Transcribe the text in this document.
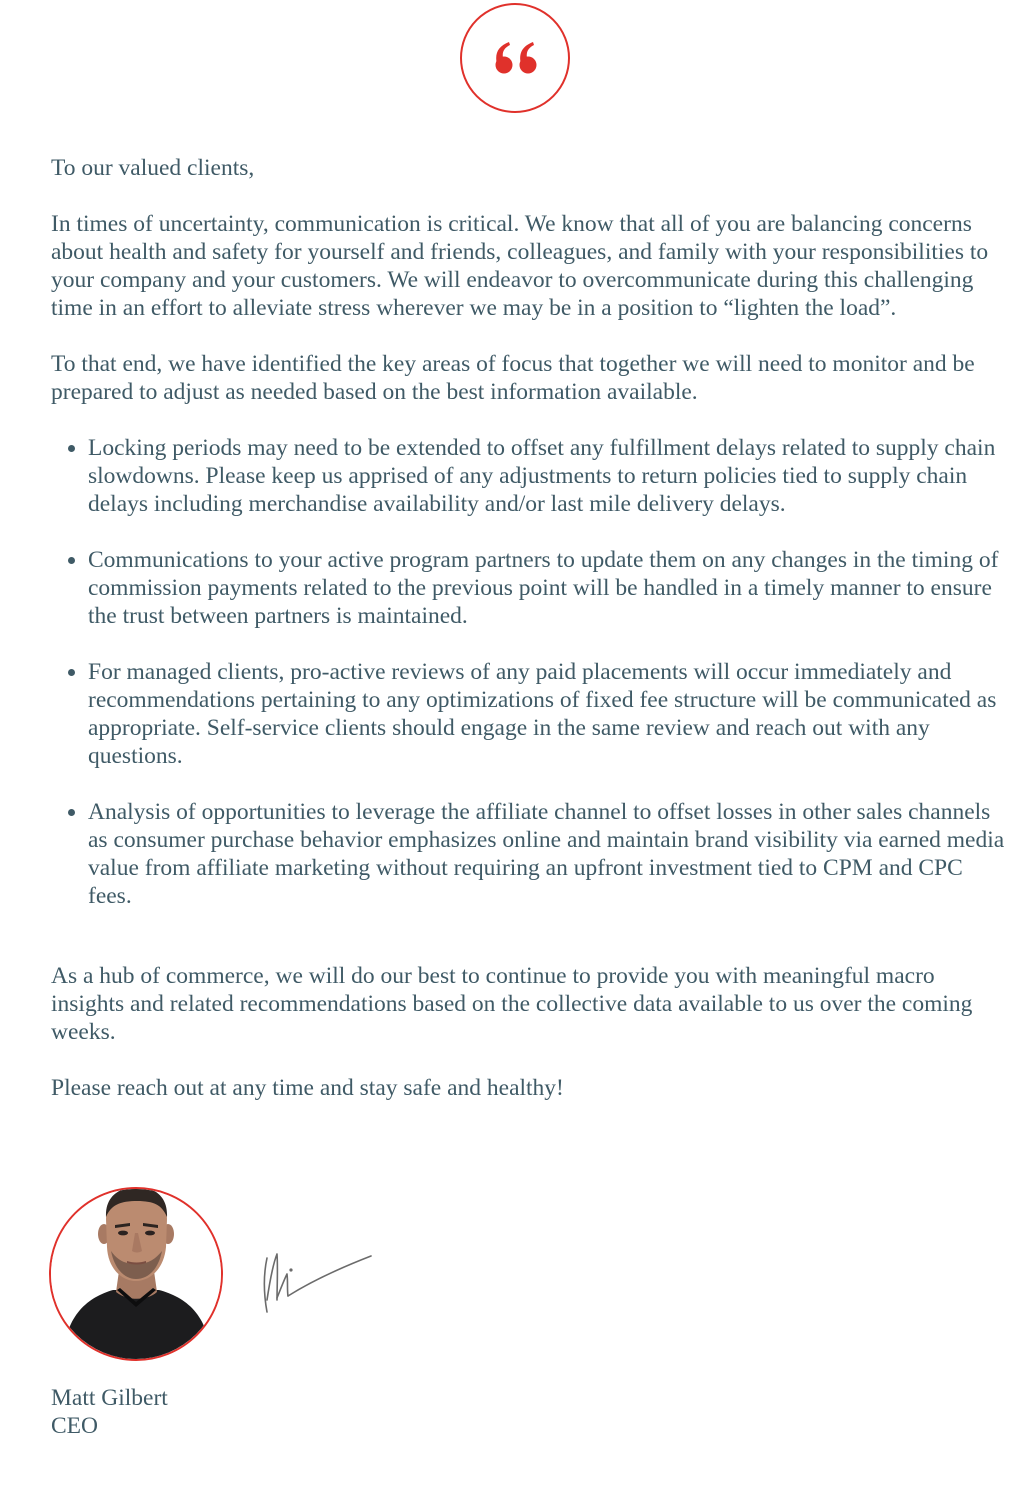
To our valued clients,

In times of uncertainty, communication is critical. We know that all of you are balancing concerns about health and safety for yourself and friends, colleagues, and family with your responsibilities to your company and your customers. We will endeavor to overcommunicate during this challenging time in an effort to alleviate stress wherever we may be in a position to “lighten the load”.

To that end, we have identified the key areas of focus that together we will need to monitor and be prepared to adjust as needed based on the best information available.

• Locking periods may need to be extended to offset any fulfillment delays related to supply chain slowdowns. Please keep us apprised of any adjustments to return policies tied to supply chain delays including merchandise availability and/or last mile delivery delays.
• Communications to your active program partners to update them on any changes in the timing of commission payments related to the previous point will be handled in a timely manner to ensure the trust between partners is maintained.
• For managed clients, pro-active reviews of any paid placements will occur immediately and recommendations pertaining to any optimizations of fixed fee structure will be communicated as appropriate. Self-service clients should engage in the same review and reach out with any questions.
• Analysis of opportunities to leverage the affiliate channel to offset losses in other sales channels as consumer purchase behavior emphasizes online and maintain brand visibility via earned media value from affiliate marketing without requiring an upfront investment tied to CPM and CPC fees.

As a hub of commerce, we will do our best to continue to provide you with meaningful macro insights and related recommendations based on the collective data available to us over the coming weeks.

Please reach out at any time and stay safe and healthy!

Matt Gilbert
CEO
